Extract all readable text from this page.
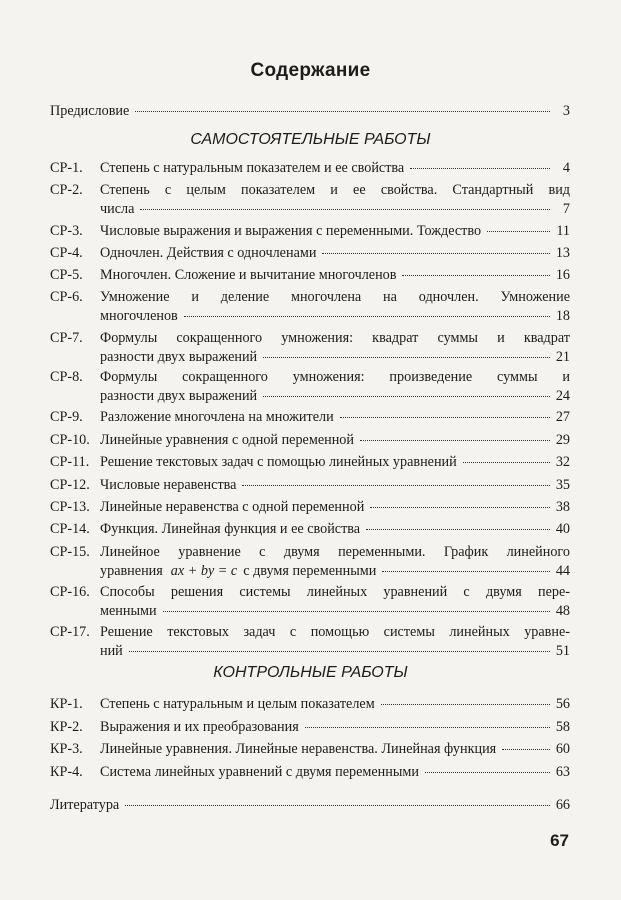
Содержание
Предисловие	3
САМОСТОЯТЕЛЬНЫЕ РАБОТЫ
СР-1.	Степень с натуральным показателем и ее свойства	4
СР-2.	Степень с целым показателем и ее свойства. Стандартный вид
числа	7
СР-3.	Числовые выражения и выражения с переменными. Тождество	11
СР-4.	Одночлен. Действия с одночленами	13
СР-5.	Многочлен. Сложение и вычитание многочленов	16
СР-6.	Умножение и деление многочлена на одночлен. Умножение
многочленов	18
СР-7.	Формулы сокращенного умножения: квадрат суммы и квадрат
разности двух выражений	21
СР-8.	Формулы сокращенного умножения: произведение суммы и
разности двух выражений	24
СР-9.	Разложение многочлена на множители	27
СР-10. Линейные уравнения с одной переменной	29
СР-11. Решение текстовых задач с помощью линейных уравнений	32
СР-12. Числовые неравенства	35
СР-13. Линейные неравенства с одной переменной	38
СР-14. Функция. Линейная функция и ее свойства	40
СР-15. Линейное уравнение с двумя переменными. График линейного
уравнения ax + by = c с двумя переменными	44
СР-16. Способы решения системы линейных уравнений с двумя пере-
менными	48
СР-17. Решение текстовых задач с помощью системы линейных уравне-
ний	51
КОНТРОЛЬНЫЕ РАБОТЫ
КР-1.	Степень с натуральным и целым показателем	56
КР-2.	Выражения и их преобразования	58
КР-3.	Линейные уравнения. Линейные неравенства. Линейная функция	60
КР-4.	Система линейных уравнений с двумя переменными	63
Литература	66
67
